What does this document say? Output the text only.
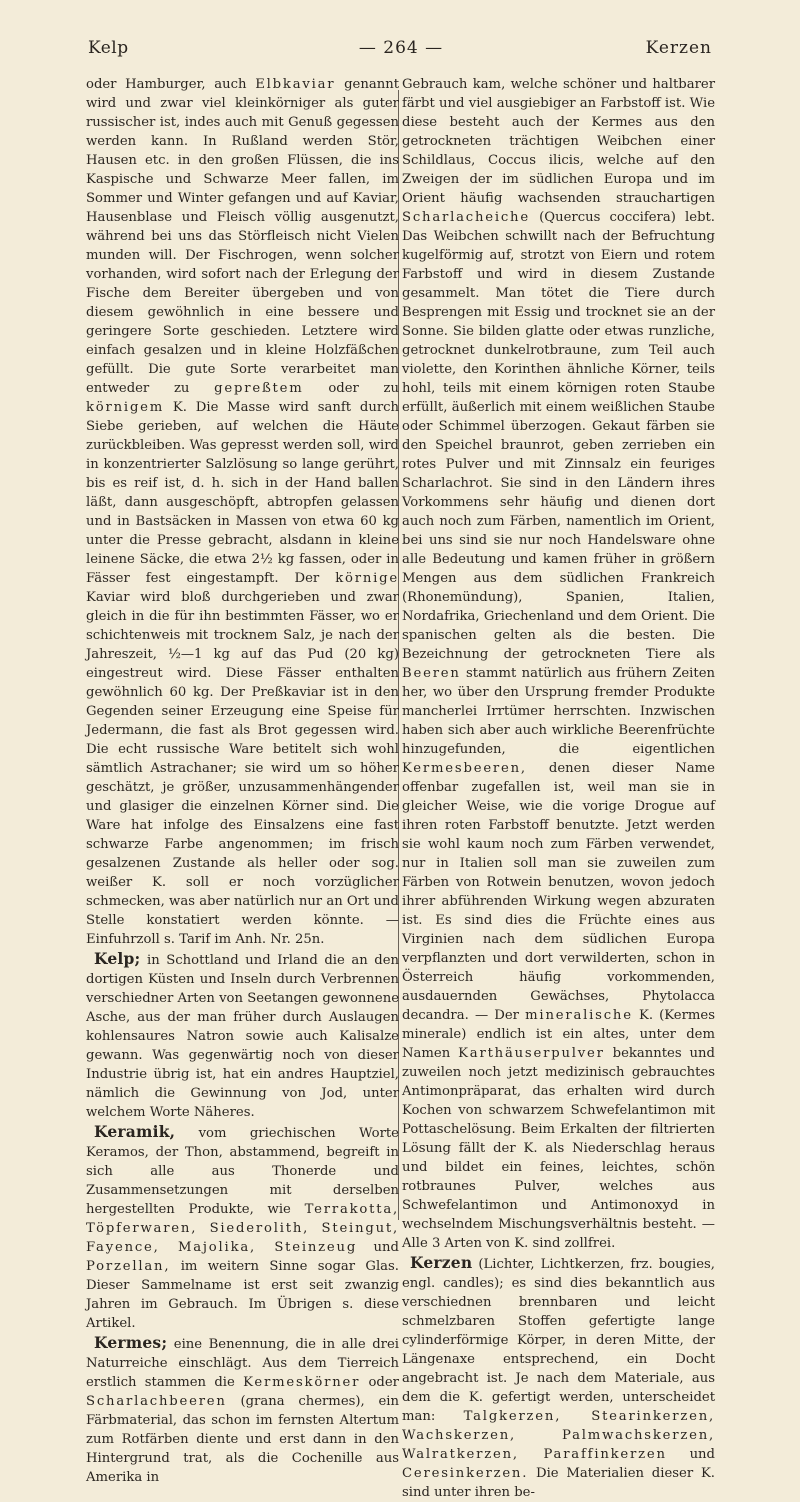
Kelp	— 264 —	Kerzen

oder Hamburger, auch Elbkaviar genannt wird und zwar viel kleinkörniger als guter russischer ist, indes auch mit Genuß gegessen werden kann. In Rußland werden Stör, Hausen etc. in den großen Flüssen, die ins Kaspische und Schwarze Meer fallen, im Sommer und Winter gefangen und auf Kaviar, Hausenblase und Fleisch völlig ausgenutzt, während bei uns das Störfleisch nicht Vielen munden will. Der Fischrogen, wenn solcher vorhanden, wird sofort nach der Erlegung der Fische dem Bereiter übergeben und von diesem gewöhnlich in eine bessere und geringere Sorte geschieden. Letztere wird einfach gesalzen und in kleine Holzfäßchen gefüllt. Die gute Sorte verarbeitet man entweder zu gepreßtem oder zu körnigem K. Die Masse wird sanft durch Siebe gerieben, auf welchen die Häute zurückbleiben. Was gepresst werden soll, wird in konzentrierter Salzlösung so lange gerührt, bis es reif ist, d. h. sich in der Hand ballen läßt, dann ausgeschöpft, abtropfen gelassen und in Bastsäcken in Massen von etwa 60 kg unter die Presse gebracht, alsdann in kleine leinene Säcke, die etwa 2½ kg fassen, oder in Fässer fest eingestampft. Der körnige Kaviar wird bloß durchgerieben und zwar gleich in die für ihn bestimmten Fässer, wo er schichtenweis mit trocknem Salz, je nach der Jahreszeit, ½—1 kg auf das Pud (20 kg) eingestreut wird. Diese Fässer enthalten gewöhnlich 60 kg. Der Preßkaviar ist in den Gegenden seiner Erzeugung eine Speise für Jedermann, die fast als Brot gegessen wird. Die echt russische Ware betitelt sich wohl sämtlich Astrachaner; sie wird um so höher geschätzt, je größer, unzusammenhängender und glasiger die einzelnen Körner sind. Die Ware hat infolge des Einsalzens eine fast schwarze Farbe angenommen; im frisch gesalzenen Zustande als heller oder sog. weißer K. soll er noch vorzüglicher schmecken, was aber natürlich nur an Ort und Stelle konstatiert werden könnte. — Einfuhrzoll s. Tarif im Anh. Nr. 25n.

Kelp; in Schottland und Irland die an den dortigen Küsten und Inseln durch Verbrennen verschiedner Arten von Seetangen gewonnene Asche, aus der man früher durch Auslaugen kohlensaures Natron sowie auch Kalisalze gewann. Was gegenwärtig noch von dieser Industrie übrig ist, hat ein andres Hauptziel, nämlich die Gewinnung von Jod, unter welchem Worte Näheres.

Keramik, vom griechischen Worte Keramos, der Thon, abstammend, begreift in sich alle aus Thonerde und Zusammensetzungen mit derselben hergestellten Produkte, wie Terrakotta, Töpferwaren, Siederolith, Steingut, Fayence, Majolika, Steinzeug und Porzellan, im weitern Sinne sogar Glas. Dieser Sammelname ist erst seit zwanzig Jahren im Gebrauch. Im Übrigen s. diese Artikel.

Kermes; eine Benennung, die in alle drei Naturreiche einschlägt. Aus dem Tierreich erstlich stammen die Kermeskörner oder Scharlachbeeren (grana chermes), ein Färbmaterial, das schon im fernsten Altertum zum Rotfärben diente und erst dann in den Hintergrund trat, als die Cochenille aus Amerika in

Gebrauch kam, welche schöner und haltbarer färbt und viel ausgiebiger an Farbstoff ist. Wie diese besteht auch der Kermes aus den getrockneten trächtigen Weibchen einer Schildlaus, Coccus ilicis, welche auf den Zweigen der im südlichen Europa und im Orient häufig wachsenden strauchartigen Scharlacheiche (Quercus coccifera) lebt. Das Weibchen schwillt nach der Befruchtung kugelförmig auf, strotzt von Eiern und rotem Farbstoff und wird in diesem Zustande gesammelt. Man tötet die Tiere durch Besprengen mit Essig und trocknet sie an der Sonne. Sie bilden glatte oder etwas runzliche, getrocknet dunkelrotbraune, zum Teil auch violette, den Korinthen ähnliche Körner, teils hohl, teils mit einem körnigen roten Staube erfüllt, äußerlich mit einem weißlichen Staube oder Schimmel überzogen. Gekaut färben sie den Speichel braunrot, geben zerrieben ein rotes Pulver und mit Zinnsalz ein feuriges Scharlachrot. Sie sind in den Ländern ihres Vorkommens sehr häufig und dienen dort auch noch zum Färben, namentlich im Orient, bei uns sind sie nur noch Handelsware ohne alle Bedeutung und kamen früher in größern Mengen aus dem südlichen Frankreich (Rhonemündung), Spanien, Italien, Nordafrika, Griechenland und dem Orient. Die spanischen gelten als die besten. Die Bezeichnung der getrockneten Tiere als Beeren stammt natürlich aus frühern Zeiten her, wo über den Ursprung fremder Produkte mancherlei Irrtümer herrschten. Inzwischen haben sich aber auch wirkliche Beerenfrüchte hinzugefunden, die eigentlichen Kermesbeeren, denen dieser Name offenbar zugefallen ist, weil man sie in gleicher Weise, wie die vorige Drogue auf ihren roten Farbstoff benutzte. Jetzt werden sie wohl kaum noch zum Färben verwendet, nur in Italien soll man sie zuweilen zum Färben von Rotwein benutzen, wovon jedoch ihrer abführenden Wirkung wegen abzuraten ist. Es sind dies die Früchte eines aus Virginien nach dem südlichen Europa verpflanzten und dort verwilderten, schon in Österreich häufig vorkommenden, ausdauernden Gewächses, Phytolacca decandra. — Der mineralische K. (Kermes minerale) endlich ist ein altes, unter dem Namen Karthäuserpulver bekanntes und zuweilen noch jetzt medizinisch gebrauchtes Antimonpräparat, das erhalten wird durch Kochen von schwarzem Schwefelantimon mit Pottaschelösung. Beim Erkalten der filtrierten Lösung fällt der K. als Niederschlag heraus und bildet ein feines, leichtes, schön rotbraunes Pulver, welches aus Schwefelantimon und Antimonoxyd in wechselndem Mischungsverhältnis besteht. — Alle 3 Arten von K. sind zollfrei.

Kerzen (Lichter, Lichtkerzen, frz. bougies, engl. candles); es sind dies bekanntlich aus verschiednen brennbaren und leicht schmelzbaren Stoffen gefertigte lange cylinderförmige Körper, in deren Mitte, der Längenaxe entsprechend, ein Docht angebracht ist. Je nach dem Materiale, aus dem die K. gefertigt werden, unterscheidet man: Talgkerzen, Stearinkerzen, Wachskerzen, Palmwachskerzen, Walratkerzen, Paraffinkerzen und Ceresinkerzen. Die Materialien dieser K. sind unter ihren be-
